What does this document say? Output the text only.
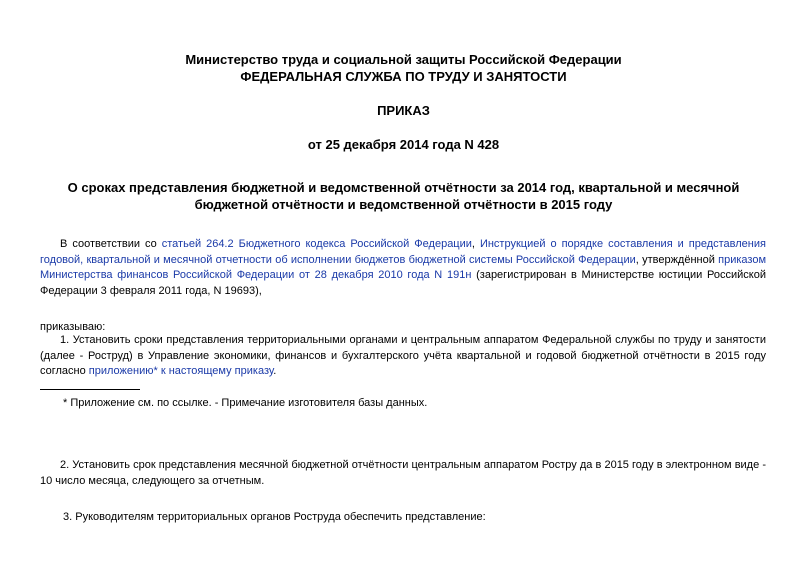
Министерство труда и социальной защиты Российской Федерации
ФЕДЕРАЛЬНАЯ СЛУЖБА ПО ТРУДУ И ЗАНЯТОСТИ
ПРИКАЗ
от 25 декабря 2014 года N 428
О сроках представления бюджетной и ведомственной отчётности за 2014 год, квартальной и месячной
бюджетной отчётности и ведомственной отчётности в 2015 году
В соответствии со статьей 264.2 Бюджетного кодекса Российской Федерации, Инструкцией о порядке составления и представления годовой, квартальной и месячной отчетности об исполнении бюджетов бюджетной системы Российской Федерации, утверждённой приказом Министерства финансов Российской Федерации от 28 декабря 2010 года N 191н (зарегистрирован в Министерстве юстиции Российской Федерации 3 февраля 2011 года, N 19693),
приказываю:
1. Установить сроки представления территориальными органами и центральным аппаратом Федеральной службы по труду и занятости (далее - Роструд) в Управление экономики, финансов и бухгалтерского учёта квартальной и годовой бюджетной отчётности в 2015 году согласно приложению* к настоящему приказу.
* Приложение см. по ссылке. - Примечание изготовителя базы данных.
2. Установить срок представления месячной бюджетной отчётности центральным аппаратом Ростру да в 2015 году в электронном виде - 10 число месяца, следующего за отчетным.
3. Руководителям территориальных органов Роструда обеспечить представление:
